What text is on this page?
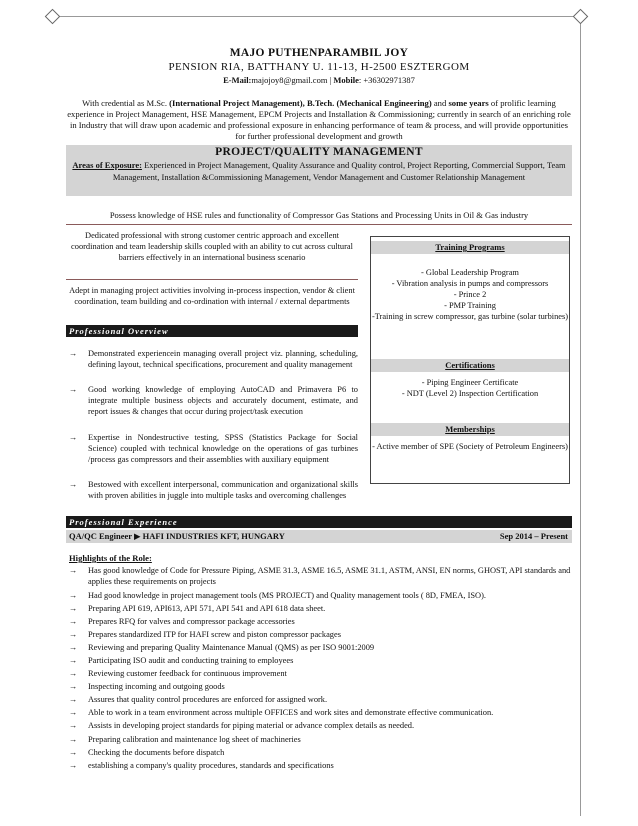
MAJO PUTHENPARAMBIL JOY
PENSION RIA, BATTHANY U. 11-13, H-2500 ESZTERGOM
E-Mail:majojoy8@gmail.com | Mobile: +36302971387
With credential as M.Sc. (International Project Management), B.Tech. (Mechanical Engineering) and some years of prolific learning experience in Project Management, HSE Management, EPCM Projects and Installation & Commissioning; currently in search of an enriching role in Industry that will draw upon academic and professional exposure in enhancing performance of team & process, and will provide opportunities for further professional development and growth
PROJECT/QUALITY MANAGEMENT
Areas of Exposure: Experienced in Project Management, Quality Assurance and Quality control, Project Reporting, Commercial Support, Team Management, Installation &Commissioning Management, Vendor Management and Customer Relationship Management
Possess knowledge of HSE rules and functionality of Compressor Gas Stations and Processing Units in Oil & Gas industry
Dedicated professional with strong customer centric approach and excellent coordination and team leadership skills coupled with an ability to cut across cultural barriers effectively in an international business scenario
Adept in managing project activities involving in-process inspection, vendor & client coordination, team building and co-ordination with internal / external departments
Training Programs
- Global Leadership Program
- Vibration analysis in pumps and compressors
- Prince 2
- PMP Training
-Training in screw compressor, gas turbine (solar turbines)
Certifications
- Piping Engineer Certificate
- NDT (Level 2) Inspection Certification
Memberships
- Active member of SPE (Society of Petroleum Engineers)
Professional Overview
→ Demonstrated experiencein managing overall project viz. planning, scheduling, defining layout, technical specifications, procurement and quality management
→ Good working knowledge of employing AutoCAD and Primavera P6 to integrate multiple business objects and accurately document, estimate, and report issues & changes that occur during project/task execution
→ Expertise in Nondestructive testing, SPSS (Statistics Package for Social Science) coupled with technical knowledge on the operations of gas turbines /process gas compressors and their assemblies with auxiliary equipment
→ Bestowed with excellent interpersonal, communication and organizational skills with proven abilities in juggle into multiple tasks and overcoming challenges
Professional Experience
QA/QC Engineer ▶ HAFI INDUSTRIES KFT, HUNGARY	Sep 2014 – Present
Highlights of the Role:
→ Has good knowledge of Code for Pressure Piping, ASME 31.3, ASME 16.5, ASME 31.1, ASTM, ANSI, EN norms, GHOST, API standards and applies these requirements on projects
→ Had good knowledge in project management tools (MS PROJECT) and Quality management tools ( 8D, FMEA, ISO).
→ Preparing API 619, API613, API 571, API 541 and API 618 data sheet.
→ Prepares RFQ for valves and compressor package accessories
→ Prepares standardized ITP for HAFI screw and piston compressor packages
→ Reviewing and preparing Quality Maintenance Manual (QMS) as per ISO 9001:2009
→ Participating ISO audit and conducting training to employees
→ Reviewing customer feedback for continuous improvement
→ Inspecting incoming and outgoing goods
→ Assures that quality control procedures are enforced for assigned work.
→ Able to work in a team environment across multiple OFFICES and work sites and demonstrate effective communication.
→ Assists in developing project standards for piping material or advance complex details as needed.
→ Preparing calibration and maintenance log sheet of machineries
→ Checking the documents before dispatch
→ establishing a company's quality procedures, standards and specifications
